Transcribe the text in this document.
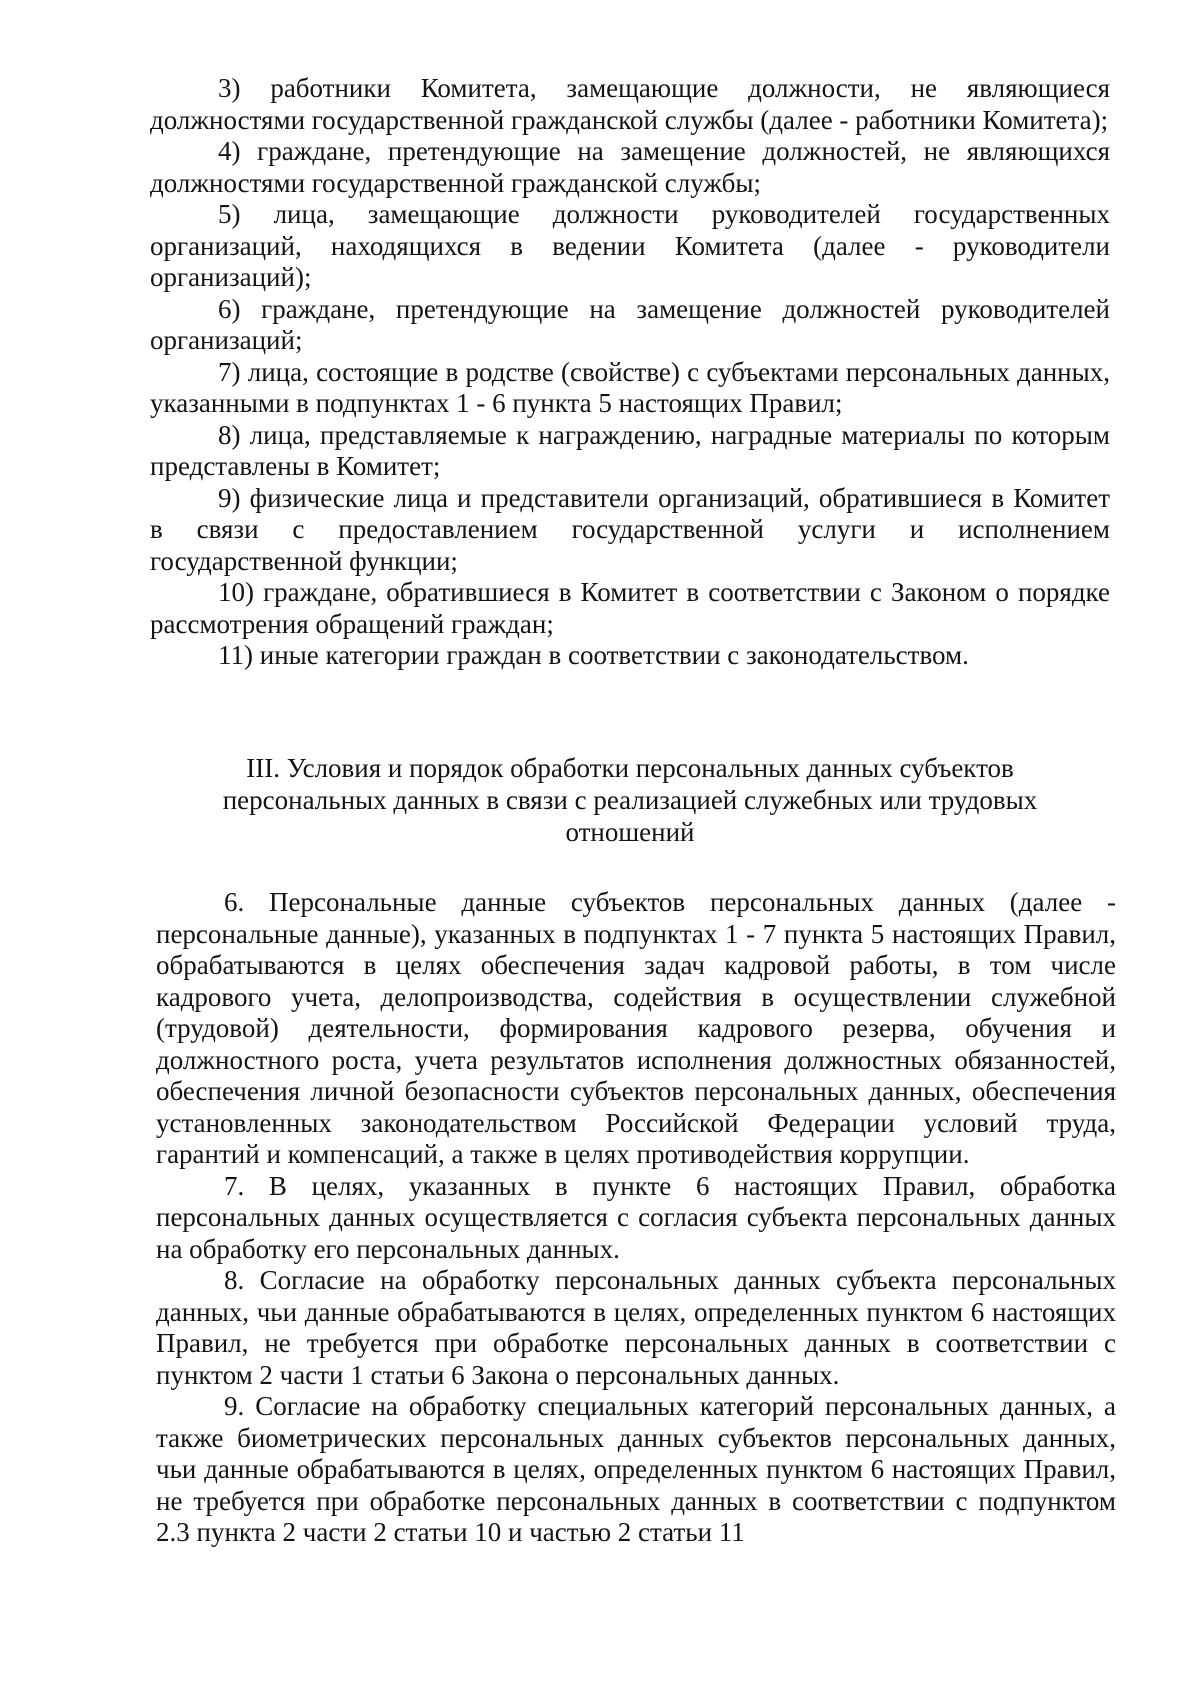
3) работники Комитета, замещающие должности, не являющиеся должностями государственной гражданской службы (далее - работники Комитета);

4) граждане, претендующие на замещение должностей, не являющихся должностями государственной гражданской службы;

5) лица, замещающие должности руководителей государственных организаций, находящихся в ведении Комитета (далее - руководители организаций);

6) граждане, претендующие на замещение должностей руководителей организаций;

7) лица, состоящие в родстве (свойстве) с субъектами персональных данных, указанными в подпунктах 1 - 6 пункта 5 настоящих Правил;

8) лица, представляемые к награждению, наградные материалы по которым представлены в Комитет;

9) физические лица и представители организаций, обратившиеся в Комитет в связи с предоставлением государственной услуги и исполнением государственной функции;

10) граждане, обратившиеся в Комитет в соответствии с Законом о порядке рассмотрения обращений граждан;

11) иные категории граждан в соответствии с законодательством.

III. Условия и порядок обработки персональных данных субъектов

персональных данных в связи с реализацией служебных или трудовых

отношений

6. Персональные данные субъектов персональных данных (далее - персональные данные), указанных в подпунктах 1 - 7 пункта 5 настоящих Правил, обрабатываются в целях обеспечения задач кадровой работы, в том числе кадрового учета, делопроизводства, содействия в осуществлении служебной (трудовой) деятельности, формирования кадрового резерва, обучения и должностного роста, учета результатов исполнения должностных обязанностей, обеспечения личной безопасности субъектов персональных данных, обеспечения установленных законодательством Российской Федерации условий труда, гарантий и компенсаций, а также в целях противодействия коррупции.

7. В целях, указанных в пункте 6 настоящих Правил, обработка персональных данных осуществляется с согласия субъекта персональных данных на обработку его персональных данных.

8. Согласие на обработку персональных данных субъекта персональных данных, чьи данные обрабатываются в целях, определенных пунктом 6 настоящих Правил, не требуется при обработке персональных данных в соответствии с пунктом 2 части 1 статьи 6 Закона о персональных данных.

9. Согласие на обработку специальных категорий персональных данных, а также биометрических персональных данных субъектов персональных данных, чьи данные обрабатываются в целях, определенных пунктом 6 настоящих Правил, не требуется при обработке персональных данных в соответствии с подпунктом 2.3 пункта 2 части 2 статьи 10 и частью 2 статьи 11
